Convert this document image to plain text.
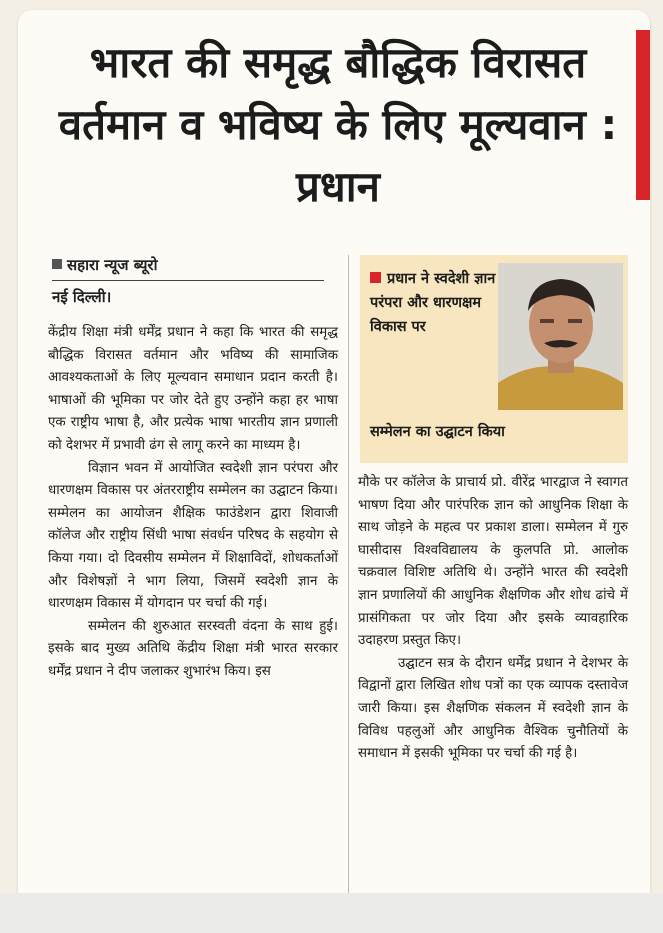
भारत की समृद्ध बौद्धिक विरासत वर्तमान व भविष्य के लिए मूल्यवान : प्रधान
सहारा न्यूज ब्यूरो
नई दिल्ली।

केंद्रीय शिक्षा मंत्री धर्मेंद्र प्रधान ने कहा कि भारत की समृद्ध बौद्धिक विरासत वर्तमान और भविष्य की सामाजिक आवश्यकताओं के लिए मूल्यवान समाधान प्रदान करती है। भाषाओं की भूमिका पर जोर देते हुए उन्होंने कहा हर भाषा एक राष्ट्रीय भाषा है, और प्रत्येक भाषा भारतीय ज्ञान प्रणाली को देशभर में प्रभावी ढंग से लागू करने का माध्यम है।

विज्ञान भवन में आयोजित स्वदेशी ज्ञान परंपरा और धारणक्षम विकास पर अंतरराष्ट्रीय सम्मेलन का उद्घाटन किया। सम्मेलन का आयोजन शैक्षिक फाउंडेशन द्वारा शिवाजी कॉलेज और राष्ट्रीय सिंधी भाषा संवर्धन परिषद के सहयोग से किया गया। दो दिवसीय सम्मेलन में शिक्षाविदों, शोधकर्ताओं और विशेषज्ञों ने भाग लिया, जिसमें स्वदेशी ज्ञान के धारणक्षम विकास में योगदान पर चर्चा की गई।

सम्मेलन की शुरुआत सरस्वती वंदना के साथ हुई। इसके बाद मुख्य अतिथि केंद्रीय शिक्षा मंत्री भारत सरकार धर्मेंद्र प्रधान ने दीप जलाकर शुभारंभ किय। इस

प्रधान ने स्वदेशी ज्ञान परंपरा और धारणक्षम विकास पर
सम्मेलन का उद्घाटन किया

मौके पर कॉलेज के प्राचार्य प्रो. वीरेंद्र भारद्वाज ने स्वागत भाषण दिया और पारंपरिक ज्ञान को आधुनिक शिक्षा के साथ जोड़ने के महत्व पर प्रकाश डाला। सम्मेलन में गुरु घासीदास विश्वविद्यालय के कुलपति प्रो. आलोक चक्रवाल विशिष्ट अतिथि थे। उन्होंने भारत की स्वदेशी ज्ञान प्रणालियों की आधुनिक शैक्षणिक और शोध ढांचे में प्रासंगिकता पर जोर दिया और इसके व्यावहारिक उदाहरण प्रस्तुत किए।

उद्घाटन सत्र के दौरान धर्मेंद्र प्रधान ने देशभर के विद्वानों द्वारा लिखित शोध पत्रों का एक व्यापक दस्तावेज जारी किया। इस शैक्षणिक संकलन में स्वदेशी ज्ञान के विविध पहलुओं और आधुनिक वैश्विक चुनौतियों के समाधान में इसकी भूमिका पर चर्चा की गई है।
